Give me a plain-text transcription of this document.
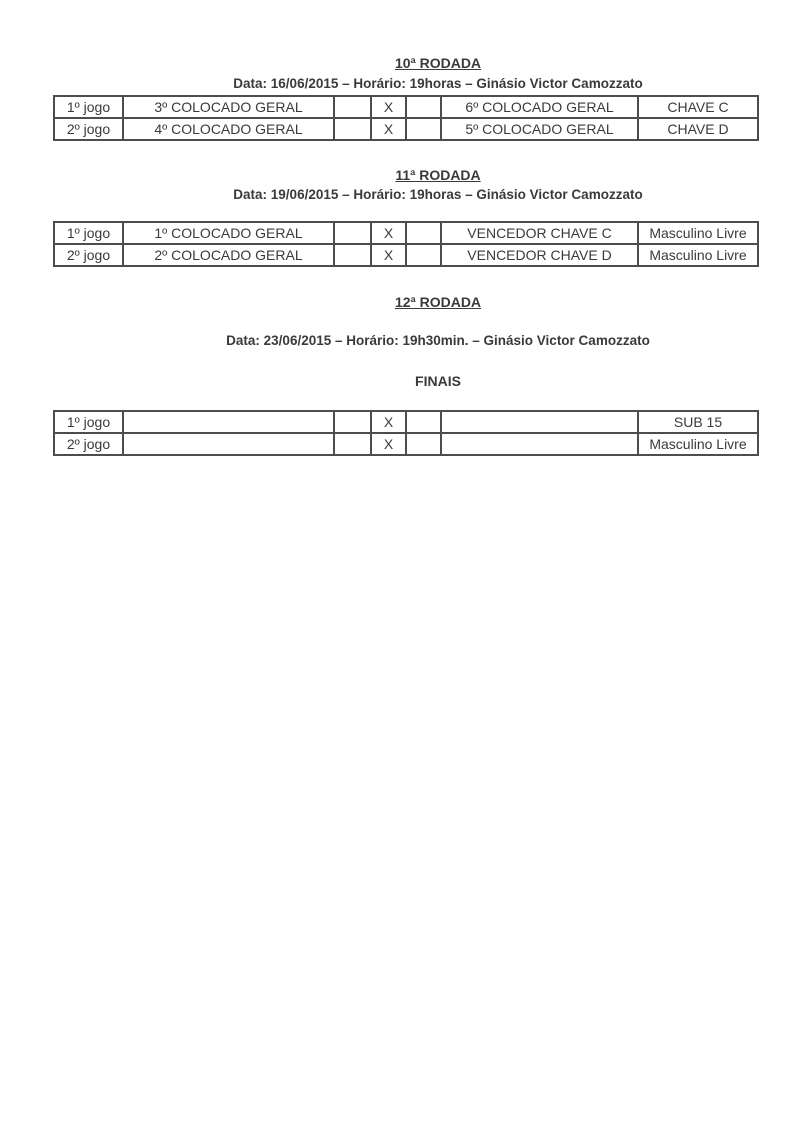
10ª RODADA
Data: 16/06/2015 – Horário: 19horas – Ginásio Victor Camozzato
1º jogo	3º COLOCADO GERAL		X		6º COLOCADO GERAL	CHAVE C
2º jogo	4º COLOCADO GERAL		X		5º COLOCADO GERAL	CHAVE D
11ª RODADA
Data: 19/06/2015 – Horário: 19horas – Ginásio Victor Camozzato
1º jogo	1º COLOCADO GERAL		X		VENCEDOR CHAVE C	Masculino Livre
2º jogo	2º COLOCADO GERAL		X		VENCEDOR CHAVE D	Masculino Livre
12ª RODADA
Data: 23/06/2015 – Horário: 19h30min. – Ginásio Victor Camozzato
FINAIS
1º jogo			X			SUB 15
2º jogo			X			Masculino Livre
